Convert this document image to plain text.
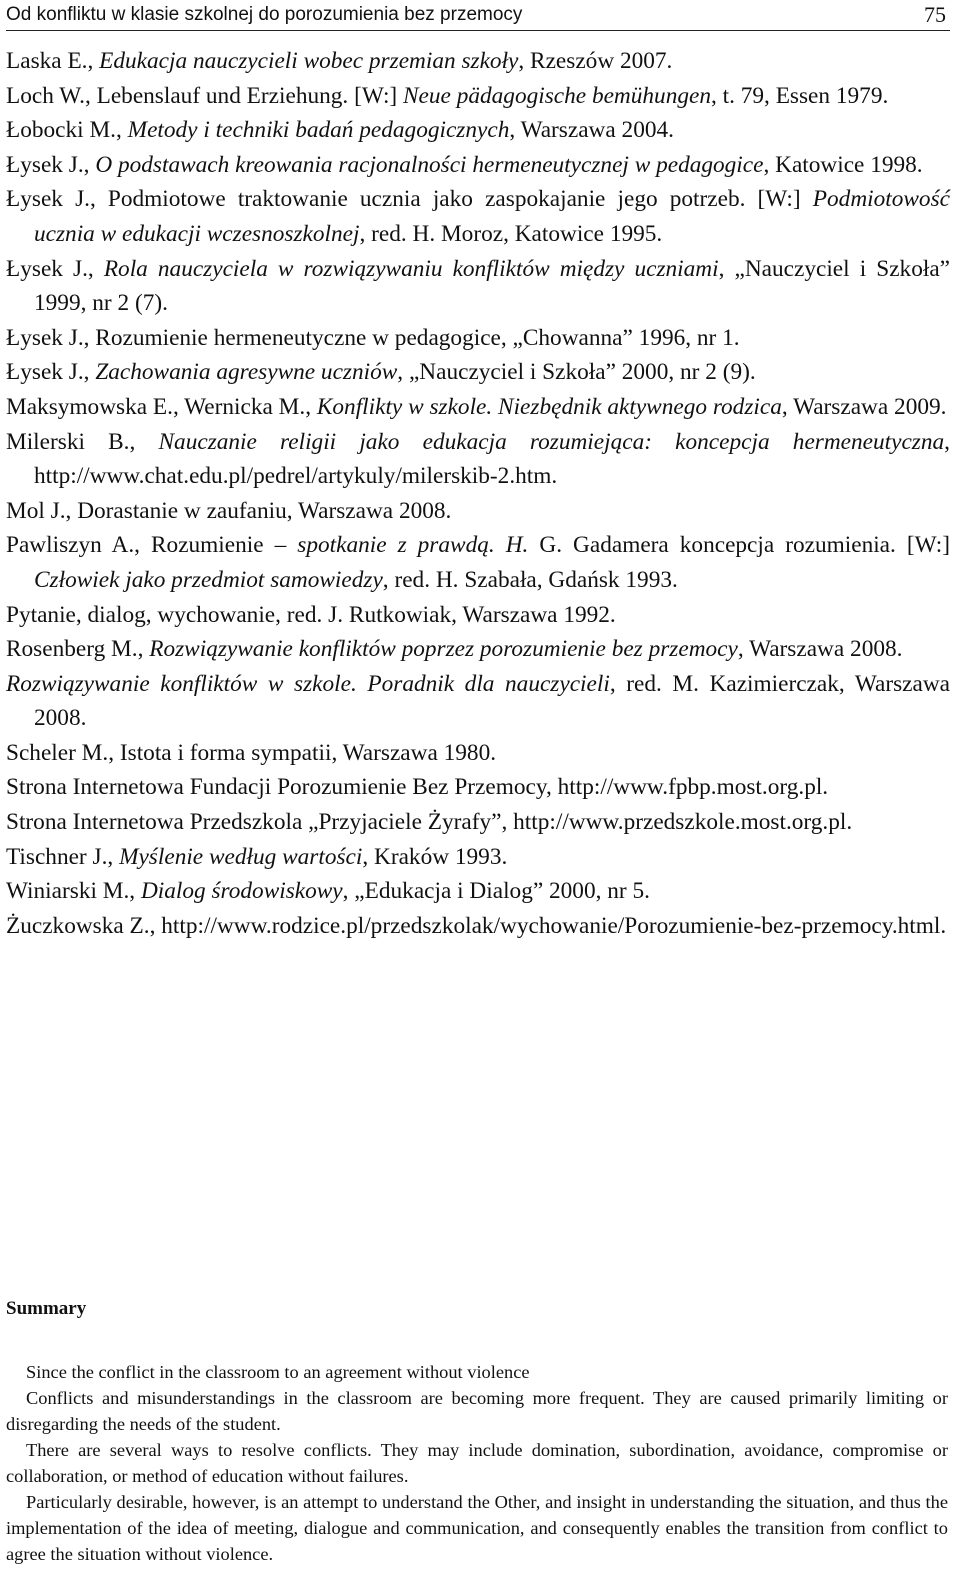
Od konfliktu w klasie szkolnej do porozumienia bez przemocy	75

Laska E., Edukacja nauczycieli wobec przemian szkoły, Rzeszów 2007.

Loch W., Lebenslauf und Erziehung. [W:] Neue pädagogische bemühungen, t. 79, Essen 1979.

Łobocki M., Metody i techniki badań pedagogicznych, Warszawa 2004.

Łysek J., O podstawach kreowania racjonalności hermeneutycznej w pedagogice, Katowice 1998.

Łysek J., Podmiotowe traktowanie ucznia jako zaspokajanie jego potrzeb. [W:] Podmiotowość ucznia w edukacji wczesnoszkolnej, red. H. Moroz, Katowice 1995.

Łysek J., Rola nauczyciela w rozwiązywaniu konfliktów między uczniami, „Nauczyciel i Szkoła” 1999, nr 2 (7).

Łysek J., Rozumienie hermeneutyczne w pedagogice, „Chowanna” 1996, nr 1.

Łysek J., Zachowania agresywne uczniów, „Nauczyciel i Szkoła” 2000, nr 2 (9).

Maksymowska E., Wernicka M., Konflikty w szkole. Niezbędnik aktywnego rodzica, Warszawa 2009.

Milerski B., Nauczanie religii jako edukacja rozumiejąca: koncepcja hermeneutyczna, http://www.chat.edu.pl/pedrel/artykuly/milerskib-2.htm.

Mol J., Dorastanie w zaufaniu, Warszawa 2008.

Pawliszyn A., Rozumienie – spotkanie z prawdą. H. G. Gadamera koncepcja rozumienia. [W:] Człowiek jako przedmiot samowiedzy, red. H. Szabała, Gdańsk 1993.

Pytanie, dialog, wychowanie, red. J. Rutkowiak, Warszawa 1992.

Rosenberg M., Rozwiązywanie konfliktów poprzez porozumienie bez przemocy, Warszawa 2008.

Rozwiązywanie konfliktów w szkole. Poradnik dla nauczycieli, red. M. Kazimierczak, Warszawa 2008.

Scheler M., Istota i forma sympatii, Warszawa 1980.

Strona Internetowa Fundacji Porozumienie Bez Przemocy, http://www.fpbp.most.org.pl.

Strona Internetowa Przedszkola „Przyjaciele Żyrafy”, http://www.przedszkole.most.org.pl.

Tischner J., Myślenie według wartości, Kraków 1993.

Winiarski M., Dialog środowiskowy, „Edukacja i Dialog” 2000, nr 5.

Żuczkowska Z., http://www.rodzice.pl/przedszkolak/wychowanie/Porozumienie-bez-przemocy.html.

Summary

Since the conflict in the classroom to an agreement without violence

Conflicts and misunderstandings in the classroom are becoming more frequent. They are caused primarily limiting or disregarding the needs of the student.

There are several ways to resolve conflicts. They may include domination, subordination, avoidance, compromise or collaboration, or method of education without failures.

Particularly desirable, however, is an attempt to understand the Other, and insight in understanding the situation, and thus the implementation of the idea of meeting, dialogue and communication, and consequently enables the transition from conflict to agree the situation without violence.
